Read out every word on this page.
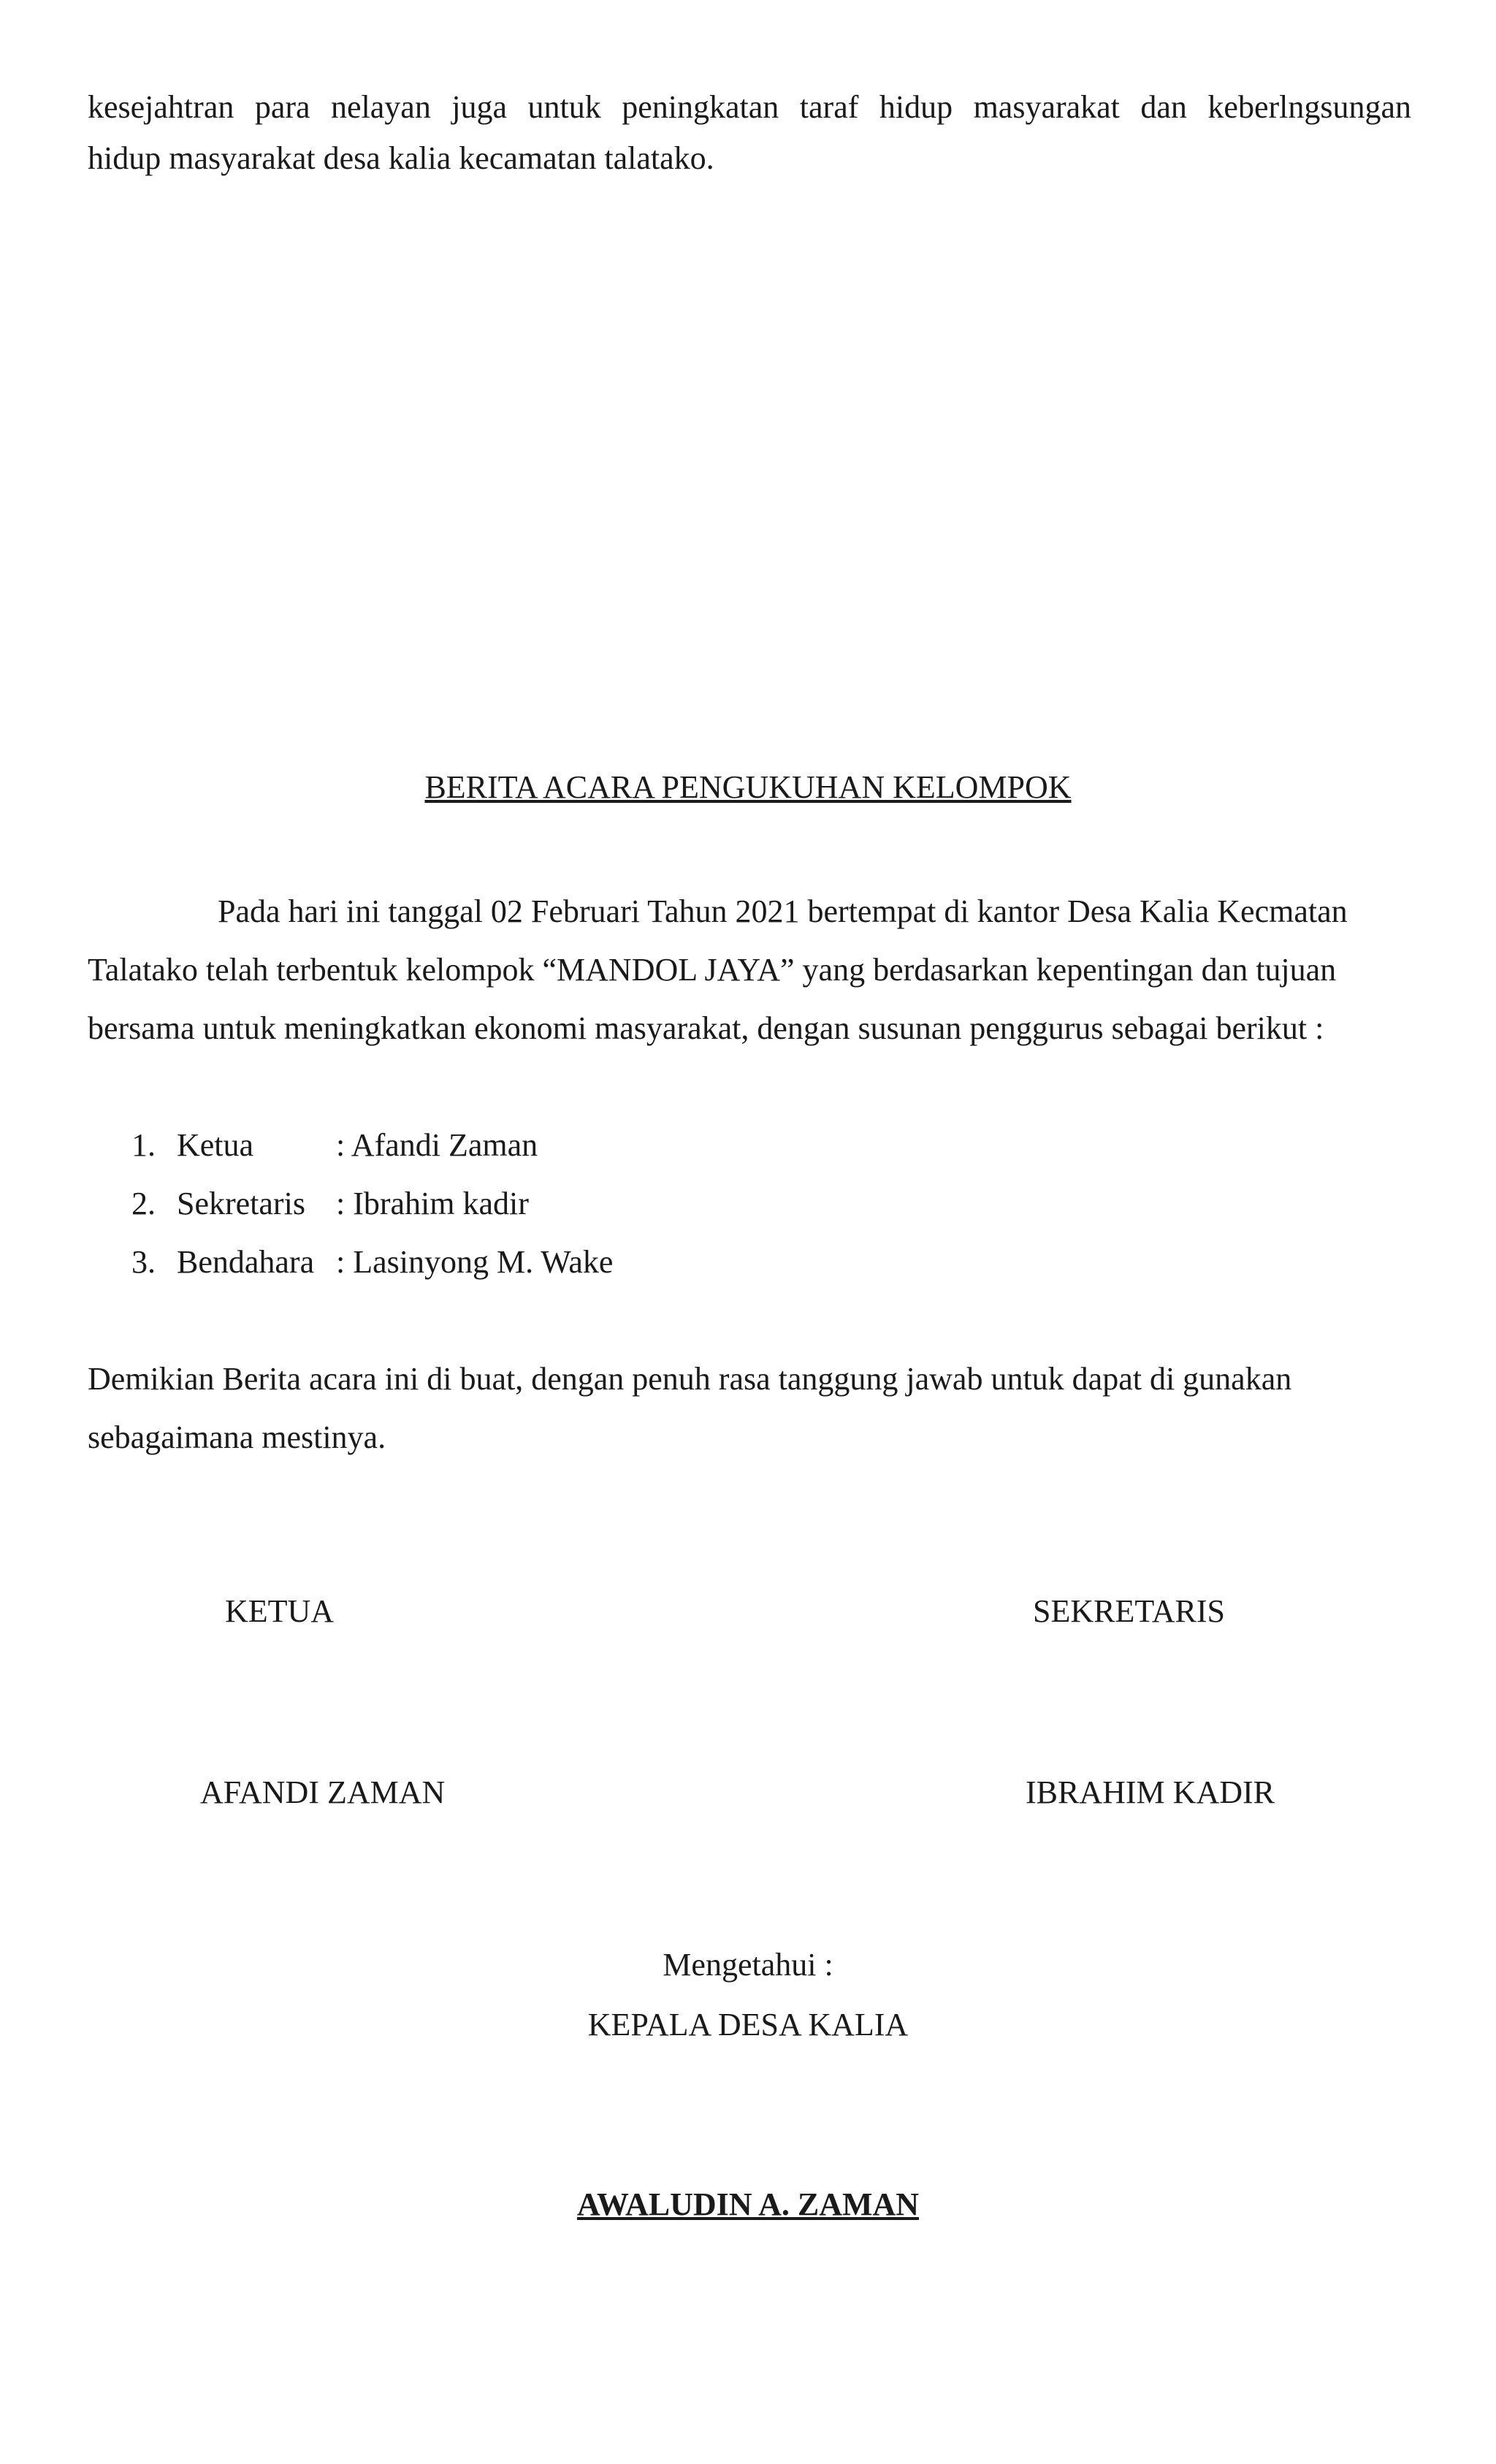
kesejahtran para nelayan juga untuk peningkatan taraf hidup masyarakat dan keberlngsungan
hidup masyarakat desa kalia kecamatan talatako.

BERITA ACARA PENGUKUHAN KELOMPOK

Pada hari ini tanggal 02 Februari Tahun 2021 bertempat di kantor Desa Kalia Kecmatan Talatako telah terbentuk kelompok “MANDOL JAYA” yang berdasarkan kepentingan dan tujuan bersama untuk meningkatkan ekonomi masyarakat, dengan susunan penggurus sebagai berikut :

1. Ketua	: Afandi Zaman
2. Sekretaris : Ibrahim kadir
3. Bendahara : Lasinyong M. Wake

Demikian Berita acara ini di buat, dengan penuh rasa tanggung jawab untuk dapat di gunakan sebagaimana mestinya.

KETUA	SEKRETARIS

AFANDI ZAMAN	IBRAHIM KADIR

Mengetahui :

KEPALA DESA KALIA

AWALUDIN A. ZAMAN
